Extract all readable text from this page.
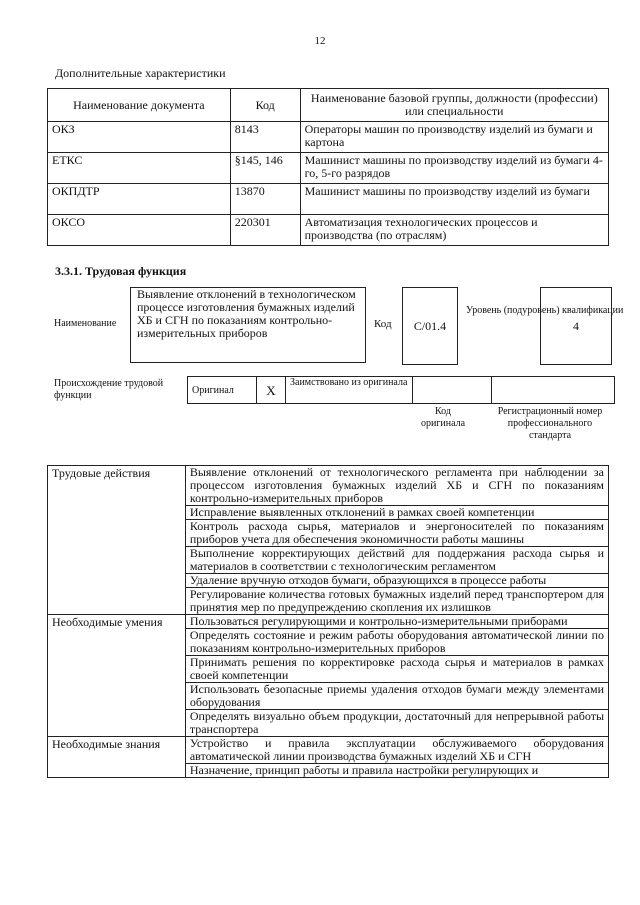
12
Дополнительные характеристики
Наименование документа	Код	Наименование базовой группы, должности (профессии) или специальности
ОКЗ	8143	Операторы машин по производству изделий из бумаги и картона
ЕТКС	§145, 146	Машинист машины по производству изделий из бумаги 4-го, 5-го разрядов
ОКПДТР	13870	Машинист машины по производству изделий из бумаги
ОКСО	220301	Автоматизация технологических процессов и производства (по отраслям)
3.3.1. Трудовая функция
Наименование
Выявление отклонений в технологическом процессе изготовления бумажных изделий ХБ и СГН по показаниям контрольно-измерительных приборов
Код	C/01.4
Уровень (подуровень) квалификации
4
Происхождение трудовой функции	Оригинал	X	Заимствовано из оригинала		
Код оригинала
Регистрационный номер профессионального стандарта
Трудовые действия	Выявление отклонений от технологического регламента при наблюдении за процессом изготовления бумажных изделий ХБ и СГН по показаниям контрольно-измерительных приборов
	Исправление выявленных отклонений в рамках своей компетенции
	Контроль расхода сырья, материалов и энергоносителей по показаниям приборов учета для обеспечения экономичности работы машины
	Выполнение корректирующих действий для поддержания расхода сырья и материалов в соответствии с технологическим регламентом
	Удаление вручную отходов бумаги, образующихся в процессе работы
	Регулирование количества готовых бумажных изделий перед транспортером для принятия мер по предупреждению скопления их излишков
Необходимые умения	Пользоваться регулирующими и контрольно-измерительными приборами
	Определять состояние и режим работы оборудования автоматической линии по показаниям контрольно-измерительных приборов
	Принимать решения по корректировке расхода сырья и материалов в рамках своей компетенции
	Использовать безопасные приемы удаления отходов бумаги между элементами оборудования
	Определять визуально объем продукции, достаточный для непрерывной работы транспортера
Необходимые знания	Устройство и правила эксплуатации обслуживаемого оборудования автоматической линии производства бумажных изделий ХБ и СГН
	Назначение, принцип работы и правила настройки регулирующих и
